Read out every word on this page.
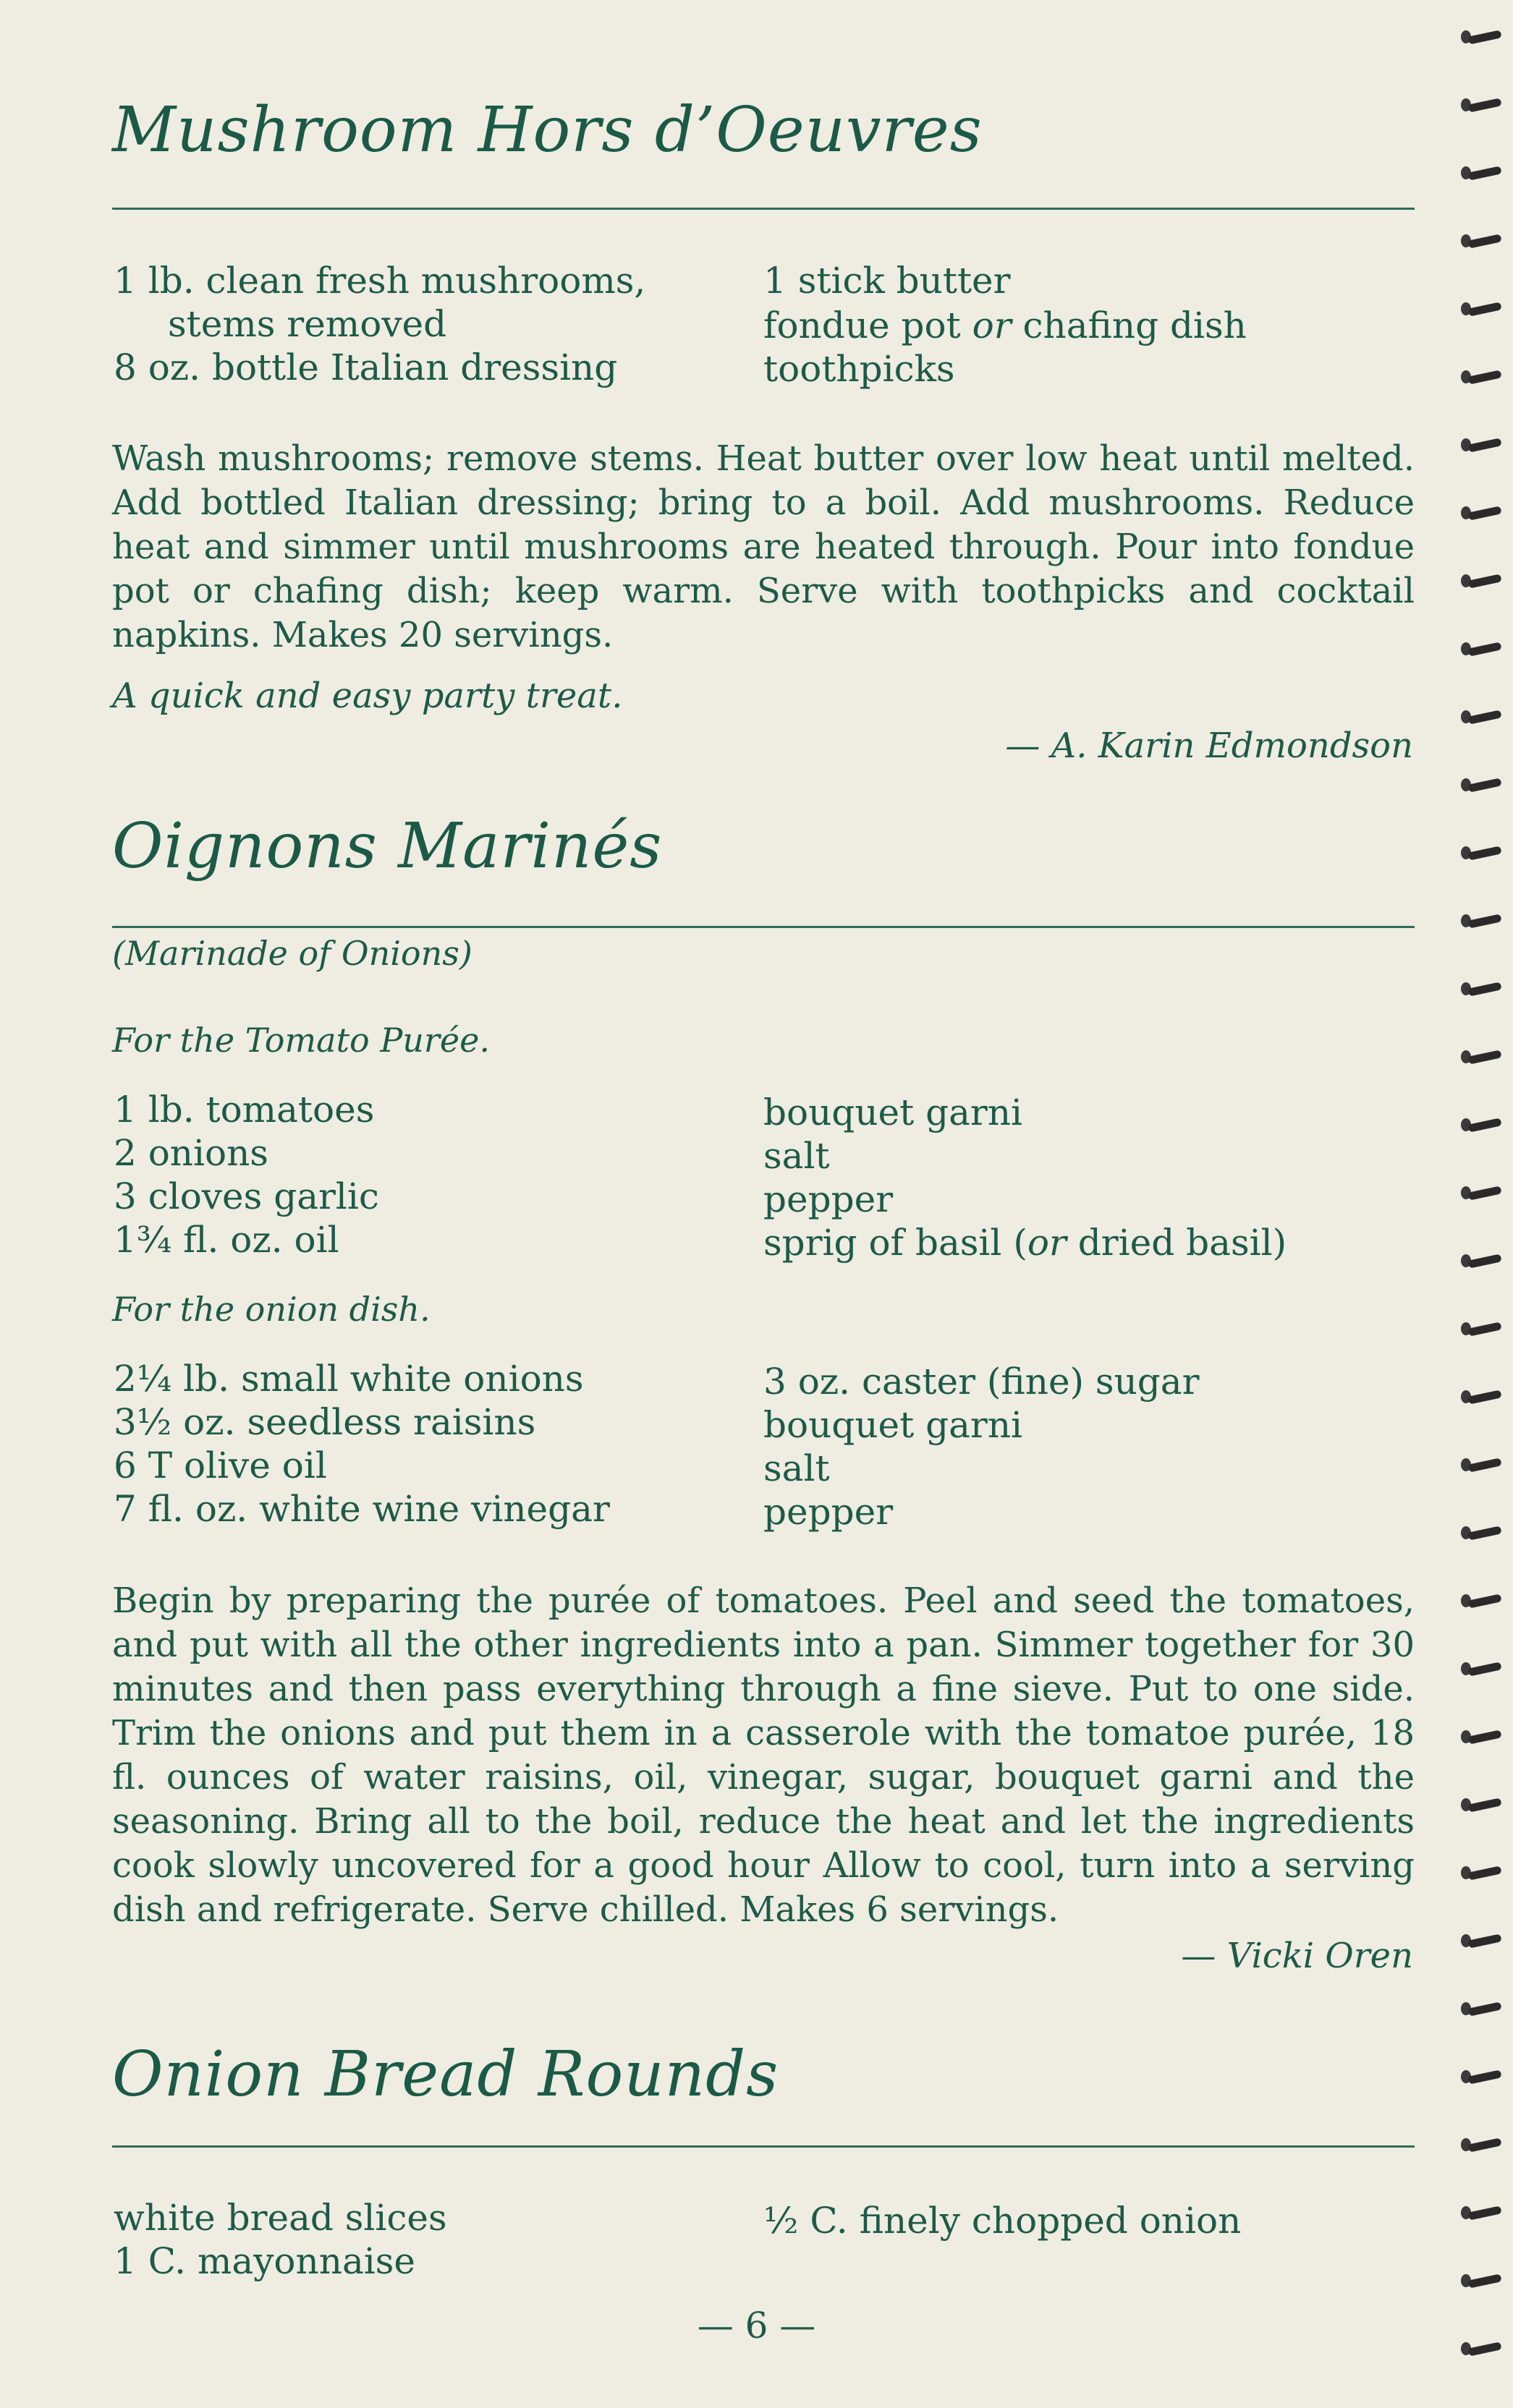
Mushroom Hors d’Oeuvres
1 lb. clean fresh mushrooms,
stems removed
8 oz. bottle Italian dressing
1 stick butter
fondue pot or chafing dish
toothpicks
Wash mushrooms; remove stems. Heat butter over low heat until melted. Add bottled Italian dressing; bring to a boil. Add mushrooms. Reduce heat and simmer until mushrooms are heated through. Pour into fondue pot or chafing dish; keep warm. Serve with toothpicks and cocktail napkins. Makes 20 servings.
A quick and easy party treat.
— A. Karin Edmondson
Oignons Marinés
(Marinade of Onions)
For the Tomato Purée.
1 lb. tomatoes
2 onions
3 cloves garlic
1¾ fl. oz. oil
bouquet garni
salt
pepper
sprig of basil (or dried basil)
For the onion dish.
2¼ lb. small white onions
3½ oz. seedless raisins
6 T olive oil
7 fl. oz. white wine vinegar
3 oz. caster (fine) sugar
bouquet garni
salt
pepper
Begin by preparing the purée of tomatoes. Peel and seed the tomatoes, and put with all the other ingredients into a pan. Simmer together for 30 minutes and then pass everything through a fine sieve. Put to one side. Trim the onions and put them in a casserole with the tomatoe purée, 18 fl. ounces of water raisins, oil, vinegar, sugar, bouquet garni and the seasoning. Bring all to the boil, reduce the heat and let the ingredients cook slowly uncovered for a good hour Allow to cool, turn into a serving dish and refrigerate. Serve chilled. Makes 6 servings.
— Vicki Oren
Onion Bread Rounds
white bread slices
1 C. mayonnaise
½ C. finely chopped onion
— 6 —
